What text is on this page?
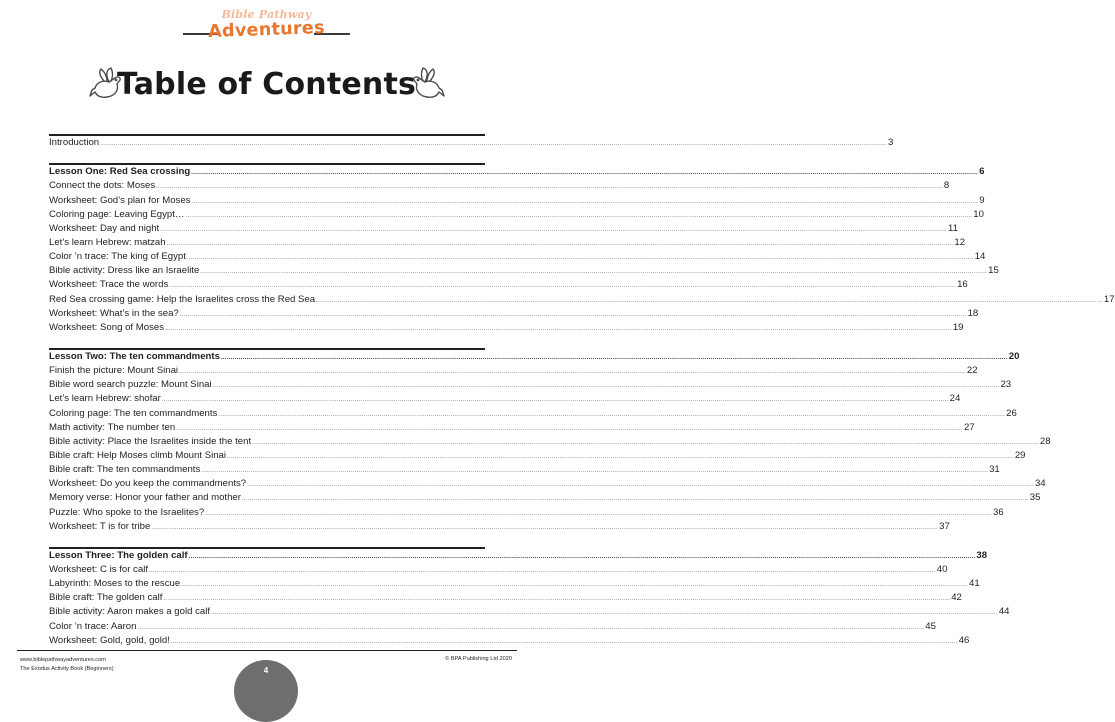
Bible Pathway
Adventures
Table of Contents
Introduction ................................................................................................................................................................................................................................................................................................................................................................................................................ 3
Lesson One: Red Sea crossing ................................................................................................................................................................................................................................................................................................................................................................................................................ 6
Connect the dots: Moses ................................................................................................................................................................................................................................................................................................................................................................................................................ 8
Worksheet: God’s plan for Moses ................................................................................................................................................................................................................................................................................................................................................................................................................ 9
Coloring page: Leaving Egypt… ................................................................................................................................................................................................................................................................................................................................................................................................................ 10
Worksheet: Day and night ................................................................................................................................................................................................................................................................................................................................................................................................................ 11
Let’s learn Hebrew: matzah ................................................................................................................................................................................................................................................................................................................................................................................................................ 12
Color ’n trace: The king of Egypt ................................................................................................................................................................................................................................................................................................................................................................................................................ 14
Bible activity: Dress like an Israelite ................................................................................................................................................................................................................................................................................................................................................................................................................ 15
Worksheet: Trace the words ................................................................................................................................................................................................................................................................................................................................................................................................................ 16
Red Sea crossing game: Help the Israelites cross the Red Sea ................................................................................................................................................................................................................................................................................................................................................................................................................ 17
Worksheet: What’s in the sea? ................................................................................................................................................................................................................................................................................................................................................................................................................ 18
Worksheet: Song of Moses ................................................................................................................................................................................................................................................................................................................................................................................................................ 19
Lesson Two: The ten commandments ................................................................................................................................................................................................................................................................................................................................................................................................................ 20
Finish the picture: Mount Sinai ................................................................................................................................................................................................................................................................................................................................................................................................................ 22
Bible word search puzzle: Mount Sinai ................................................................................................................................................................................................................................................................................................................................................................................................................ 23
Let’s learn Hebrew: shofar ................................................................................................................................................................................................................................................................................................................................................................................................................ 24
Coloring page: The ten commandments ................................................................................................................................................................................................................................................................................................................................................................................................................ 26
Math activity: The number ten ................................................................................................................................................................................................................................................................................................................................................................................................................ 27
Bible activity: Place the Israelites inside the tent ................................................................................................................................................................................................................................................................................................................................................................................................................ 28
Bible craft: Help Moses climb Mount Sinai ................................................................................................................................................................................................................................................................................................................................................................................................................ 29
Bible craft: The ten commandments ................................................................................................................................................................................................................................................................................................................................................................................................................ 31
Worksheet: Do you keep the commandments? ................................................................................................................................................................................................................................................................................................................................................................................................................ 34
Memory verse: Honor your father and mother ................................................................................................................................................................................................................................................................................................................................................................................................................ 35
Puzzle: Who spoke to the Israelites? ................................................................................................................................................................................................................................................................................................................................................................................................................ 36
Worksheet: T is for tribe ................................................................................................................................................................................................................................................................................................................................................................................................................ 37
Lesson Three: The golden calf ................................................................................................................................................................................................................................................................................................................................................................................................................ 38
Worksheet: C is for calf ................................................................................................................................................................................................................................................................................................................................................................................................................ 40
Labyrinth: Moses to the rescue ................................................................................................................................................................................................................................................................................................................................................................................................................ 41
Bible craft: The golden calf ................................................................................................................................................................................................................................................................................................................................................................................................................ 42
Bible activity: Aaron makes a gold calf ................................................................................................................................................................................................................................................................................................................................................................................................................ 44
Color ’n trace: Aaron ................................................................................................................................................................................................................................................................................................................................................................................................................ 45
Worksheet: Gold, gold, gold! ................................................................................................................................................................................................................................................................................................................................................................................................................ 46
www.biblepathwayadventures.com
The Exodus Activity Book (Beginners)
© BPA Publishing Ltd 2020
4
